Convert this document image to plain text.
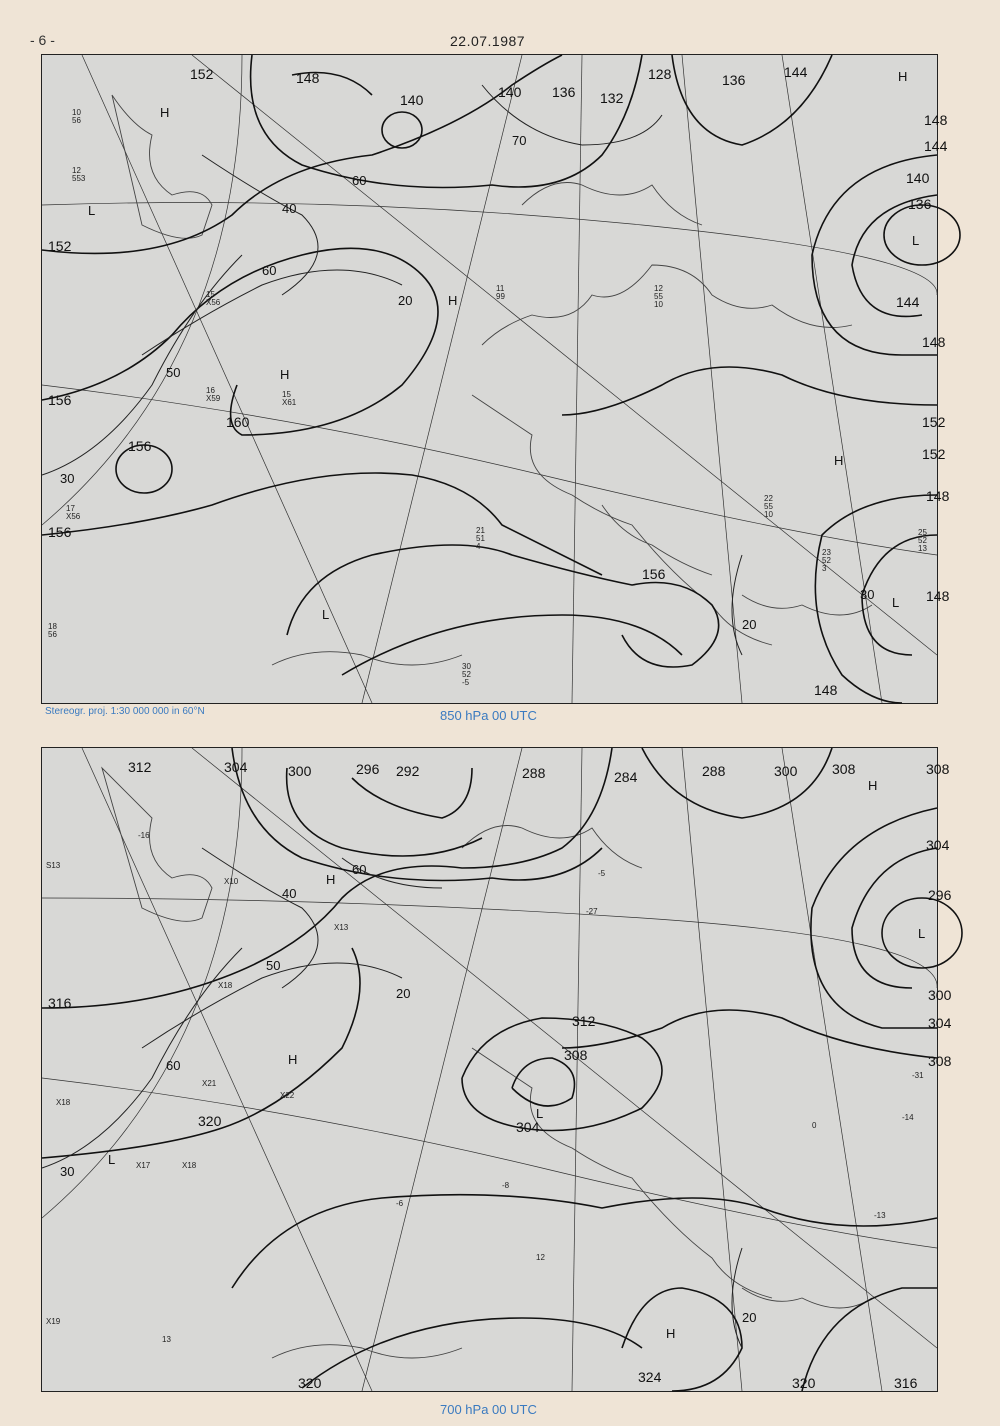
- 6 -	22.07.1987
152	148
140	140 136 132
128	136	144
148
144
140
136
144
148
152
152
148
148
156
160
156
156
152
156
148
70
60
40
20
60
50
30
20
30
H
L
H
H
L
H
L
H
L
12
553
10
56
15
X56
16
X59	15
X61
17
X56
18
56
11
99
12
55
10
21
51
4
22
55
10
25
52
13
23
52
3
30
52
-5
Stereogr. proj. 1:30 000 000 in 60°N	850 hPa 00 UTC
312	304	300	296 292	288	284	288	300 308	308
304
296
300
304
308
316
312
308
304
320
320	324	320	316
60
50
40
20
60
30
20
H
H
L
L
L
H
H
S13
X10
X13
X18
X21
X22
X17	X18
X18
X19
-5
-16
-27
-14
-31
0
13
12
-13
-8
-6
700 hPa 00 UTC
